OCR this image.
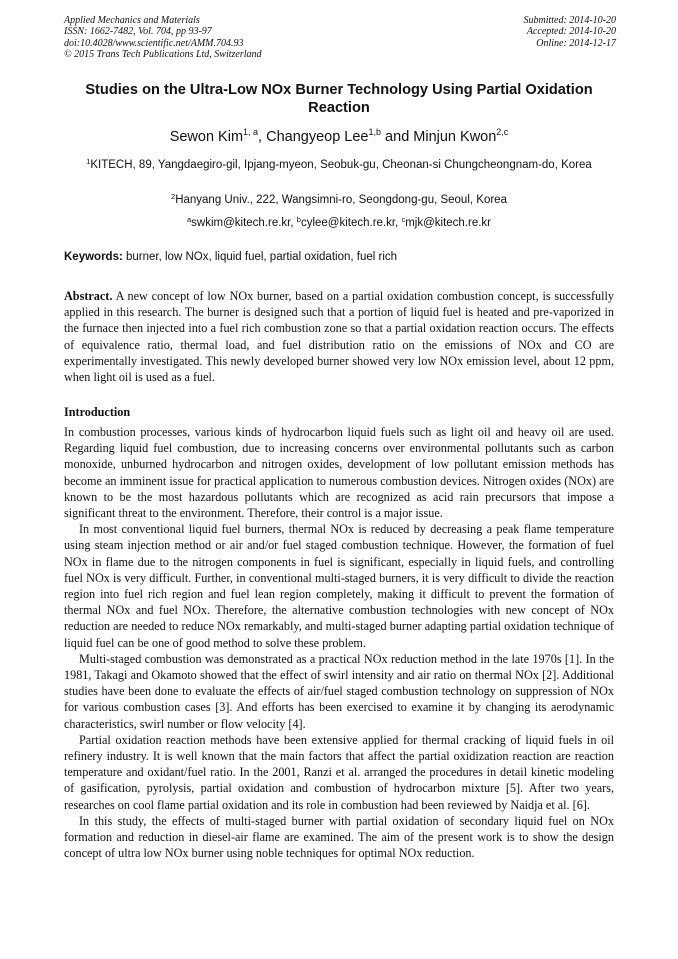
Applied Mechanics and Materials
ISSN: 1662-7482, Vol. 704, pp 93-97
doi:10.4028/www.scientific.net/AMM.704.93
© 2015 Trans Tech Publications Ltd, Switzerland
Submitted: 2014-10-20
Accepted: 2014-10-20
Online: 2014-12-17
Studies on the Ultra-Low NOx Burner Technology Using Partial Oxidation Reaction
Sewon Kim$^{1, a}$, Changyeop Lee$^{1,b}$ and Minjun Kwon$^{2,c}$
$^1$KITECH, 89, Yangdaegiro-gil, Ipjang-myeon, Seobuk-gu, Cheonan-si Chungcheongnam-do, Korea
$^2$Hanyang Univ., 222, Wangsimni-ro, Seongdong-gu, Seoul, Korea
$^a$swkim@kitech.re.kr, $^b$cylee@kitech.re.kr, $^c$mjk@kitech.re.kr
Keywords: burner, low NOx, liquid fuel, partial oxidation, fuel rich
Abstract. A new concept of low NOx burner, based on a partial oxidation combustion concept, is successfully applied in this research. The burner is designed such that a portion of liquid fuel is heated and pre-vaporized in the furnace then injected into a fuel rich combustion zone so that a partial oxidation reaction occurs. The effects of equivalence ratio, thermal load, and fuel distribution ratio on the emissions of NOx and CO are experimentally investigated. This newly developed burner showed very low NOx emission level, about 12 ppm, when light oil is used as a fuel.
Introduction

In combustion processes, various kinds of hydrocarbon liquid fuels such as light oil and heavy oil are used. Regarding liquid fuel combustion, due to increasing concerns over environmental pollutants such as carbon monoxide, unburned hydrocarbon and nitrogen oxides, development of low pollutant emission methods has become an imminent issue for practical application to numerous combustion devices. Nitrogen oxides (NOx) are known to be the most hazardous pollutants which are recognized as acid rain precursors that impose a significant threat to the environment. Therefore, their control is a major issue.

In most conventional liquid fuel burners, thermal NOx is reduced by decreasing a peak flame temperature using steam injection method or air and/or fuel staged combustion technique. However, the formation of fuel NOx in flame due to the nitrogen components in fuel is significant, especially in liquid fuels, and controlling fuel NOx is very difficult. Further, in conventional multi-staged burners, it is very difficult to divide the reaction region into fuel rich region and fuel lean region completely, making it difficult to prevent the formation of thermal NOx and fuel NOx. Therefore, the alternative combustion technologies with new concept of NOx reduction are needed to reduce NOx remarkably, and multi-staged burner adapting partial oxidation technique of liquid fuel can be one of good method to solve these problem.

Multi-staged combustion was demonstrated as a practical NOx reduction method in the late 1970s [1]. In the 1981, Takagi and Okamoto showed that the effect of swirl intensity and air ratio on thermal NOx [2]. Additional studies have been done to evaluate the effects of air/fuel staged combustion technology on suppression of NOx for various combustion cases [3]. And efforts has been exercised to examine it by changing its aerodynamic characteristics, swirl number or flow velocity [4].

Partial oxidation reaction methods have been extensive applied for thermal cracking of liquid fuels in oil refinery industry. It is well known that the main factors that affect the partial oxidization reaction are reaction temperature and oxidant/fuel ratio. In the 2001, Ranzi et al. arranged the procedures in detail kinetic modeling of gasification, pyrolysis, partial oxidation and combustion of hydrocarbon mixture [5]. After two years, researches on cool flame partial oxidation and its role in combustion had been reviewed by Naidja et al. [6].

In this study, the effects of multi-staged burner with partial oxidation of secondary liquid fuel on NOx formation and reduction in diesel-air flame are examined. The aim of the present work is to show the design concept of ultra low NOx burner using noble techniques for optimal NOx reduction.
